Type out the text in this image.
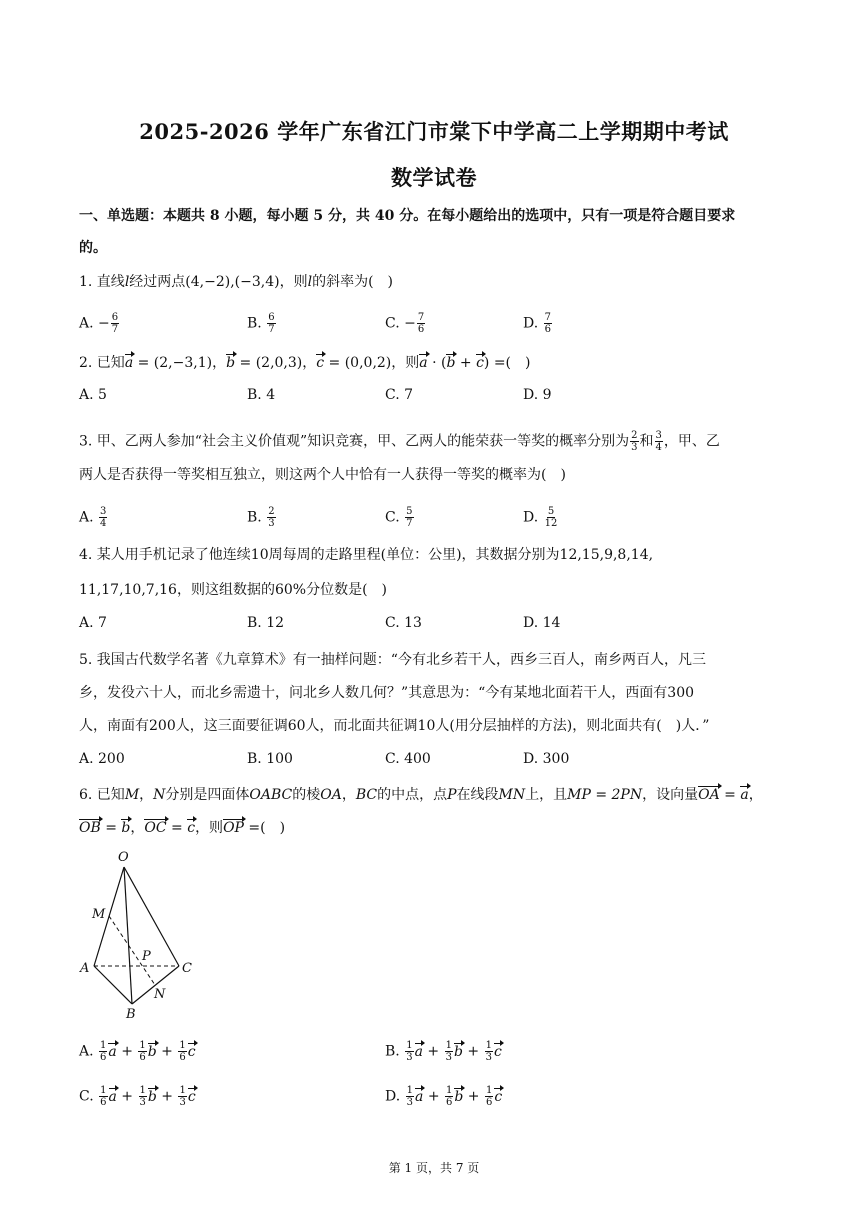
2025-2026 学年广东省江门市棠下中学高二上学期期中考试
数学试卷
一、单选题：本题共 8 小题，每小题 5 分，共 40 分。在每小题给出的选项中，只有一项是符合题目要求
的。
1. 直线l经过两点(4,−2),(−3,4)，则l的斜率为( )
A. − $\frac{6}{7}$	B. $\frac{6}{7}$	C. − $\frac{7}{6}$	D. $\frac{7}{6}$
2. 已知a = (2,−3,1)，b = (2,0,3)，c = (0,0,2)，则a · (b + c) =( )
A. 5	B. 4	C. 7	D. 9
3. 甲、乙两人参加“社会主义价值观”知识竞赛，甲、乙两人的能荣获一等奖的概率分别为 $\frac{2}{3}$ 和 $\frac{3}{4}$ ，甲、乙
两人是否获得一等奖相互独立，则这两个人中恰有一人获得一等奖的概率为( )
A. $\frac{3}{4}$	B. $\frac{2}{3}$	C. $\frac{5}{7}$	D. $\frac{5}{12}$
4. 某人用手机记录了他连续10周每周的走路里程(单位：公里)，其数据分别为12,15,9,8,14,
11,17,10,7,16，则这组数据的60%分位数是( )
A. 7	B. 12	C. 13	D. 14
5. 我国古代数学名著《九章算术》有一抽样问题：“今有北乡若干人，西乡三百人，南乡两百人，凡三
乡，发役六十人，而北乡需遗十，问北乡人数几何？”其意思为：“今有某地北面若干人，西面有300
人，南面有200人，这三面要征调60人，而北面共征调10人(用分层抽样的方法)，则北面共有( )人．”
A. 200	B. 100	C. 400	D. 300
6. 已知M，N分别是四面体OABC的棱OA，BC的中点，点P在线段MN上，且MP = 2PN，设向量OA = a，
OB = b，OC = c，则OP =( )
O
M
A
P
C
N
B
A. $\frac{1}{6}$ $a + \frac{1}{6}$ $b + \frac{1}{6}$ c	B. $\frac{1}{3}$ $a + \frac{1}{3}$ $b + \frac{1}{3}$ c
C. $\frac{1}{6}$ $a + \frac{1}{3}$ $b + \frac{1}{3}$ c	D. $\frac{1}{3}$ $a + \frac{1}{6}$ $b + \frac{1}{6}$ c
第 1 页，共 7 页
